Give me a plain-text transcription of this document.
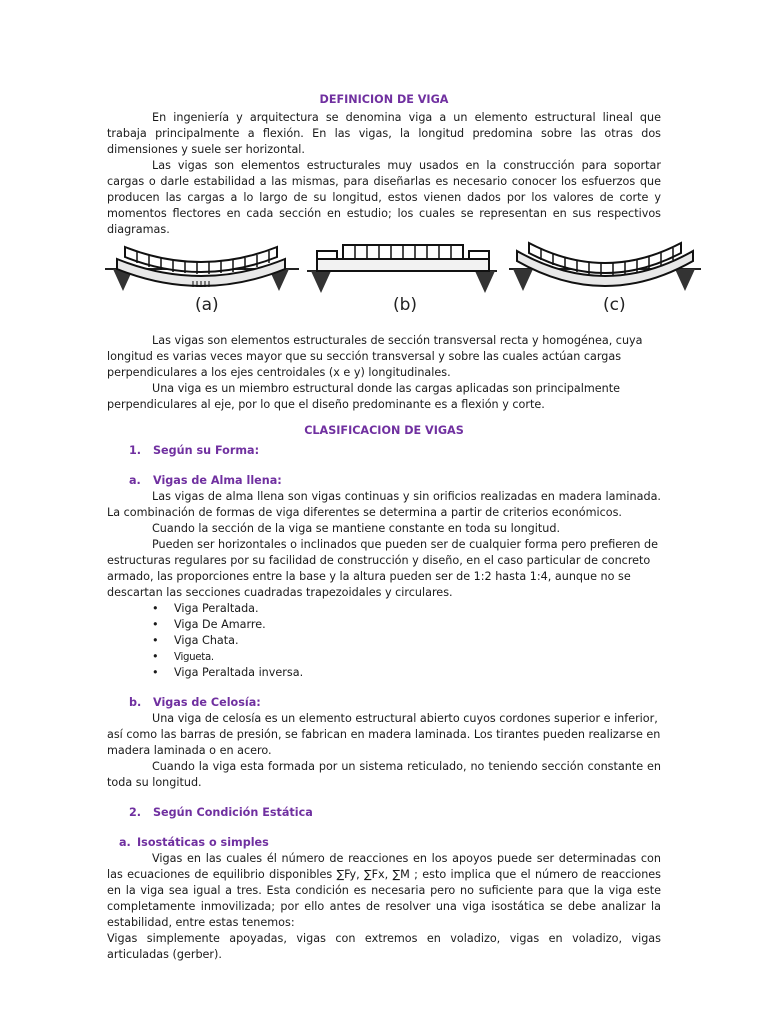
DEFINICION DE VIGA

En ingeniería y arquitectura se denomina viga a un elemento estructural lineal que trabaja principalmente a flexión. En las vigas, la longitud predomina sobre las otras dos dimensiones y suele ser horizontal.

Las vigas son elementos estructurales muy usados en la construcción para soportar cargas o darle estabilidad a las mismas, para diseñarlas es necesario conocer los esfuerzos que producen las cargas a lo largo de su longitud, estos vienen dados por los valores de corte y momentos flectores en cada sección en estudio; los cuales se representan en sus respectivos diagramas.

(a)	(b)	(c)

Las vigas son elementos estructurales de sección transversal recta y homogénea, cuya longitud es varias veces mayor que su sección transversal y sobre las cuales actúan cargas perpendiculares a los ejes centroidales (x e y) longitudinales.

Una viga es un miembro estructural donde las cargas aplicadas son principalmente perpendiculares al eje, por lo que el diseño predominante es a flexión y corte.

CLASIFICACION DE VIGAS
1. Según su Forma:
a. Vigas de Alma llena:

Las vigas de alma llena son vigas continuas y sin orificios realizadas en madera laminada. La combinación de formas de viga diferentes se determina a partir de criterios económicos.

Cuando la sección de la viga se mantiene constante en toda su longitud.

Pueden ser horizontales o inclinados que pueden ser de cualquier forma pero prefieren de estructuras regulares por su facilidad de construcción y diseño, en el caso particular de concreto armado, las proporciones entre la base y la altura pueden ser de 1:2 hasta 1:4, aunque no se descartan las secciones cuadradas trapezoidales y circulares.

• Viga Peraltada.
• Viga De Amarre.
• Viga Chata.
• Vigueta.
• Viga Peraltada inversa.
b. Vigas de Celosía:

Una viga de celosía es un elemento estructural abierto cuyos cordones superior e inferior, así como las barras de presión, se fabrican en madera laminada. Los tirantes pueden realizarse en madera laminada o en acero.

Cuando la viga esta formada por un sistema reticulado, no teniendo sección constante en toda su longitud.

2. Según Condición Estática
a. Isostáticas o simples

Vigas en las cuales él número de reacciones en los apoyos puede ser determinadas con las ecuaciones de equilibrio disponibles ∑Fy, ∑Fx, ∑M ; esto implica que el número de reacciones en la viga sea igual a tres. Esta condición es necesaria pero no suficiente para que la viga este completamente inmovilizada; por ello antes de resolver una viga isostática se debe analizar la estabilidad, entre estas tenemos:

Vigas simplemente apoyadas, vigas con extremos en voladizo, vigas en voladizo, vigas articuladas (gerber).
